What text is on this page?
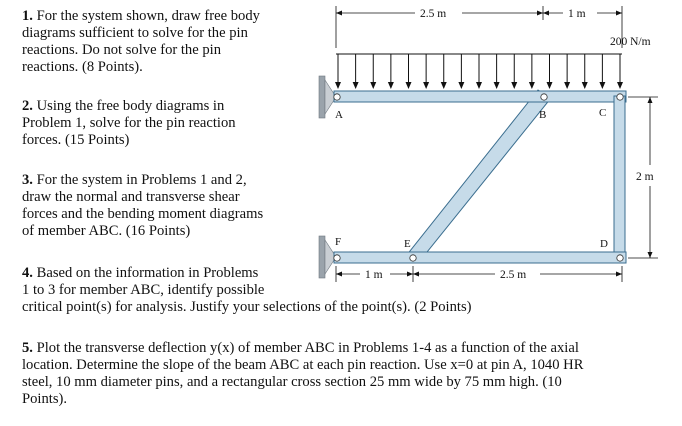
1. For the system shown, draw free body
diagrams sufficient to solve for the pin
reactions. Do not solve for the pin
reactions. (8 Points).
2. Using the free body diagrams in
Problem 1, solve for the pin reaction
forces. (15 Points)
3. For the system in Problems 1 and 2,
draw the normal and transverse shear
forces and the bending moment diagrams
of member ABC. (16 Points)
4. Based on the information in Problems
1 to 3 for member ABC, identify possible
critical point(s) for analysis. Justify your selections of the point(s). (2 Points)
5. Plot the transverse deflection y(x) of member ABC in Problems 1-4 as a function of the axial
location. Determine the slope of the beam ABC at each pin reaction. Use x=0 at pin A, 1040 HR
steel, 10 mm diameter pins, and a rectangular cross section 25 mm wide by 75 mm high. (10
Points).
2.5 m	1 m
200 N/m
2 m
1 m	2.5 m
A	B	C
D
E
F
